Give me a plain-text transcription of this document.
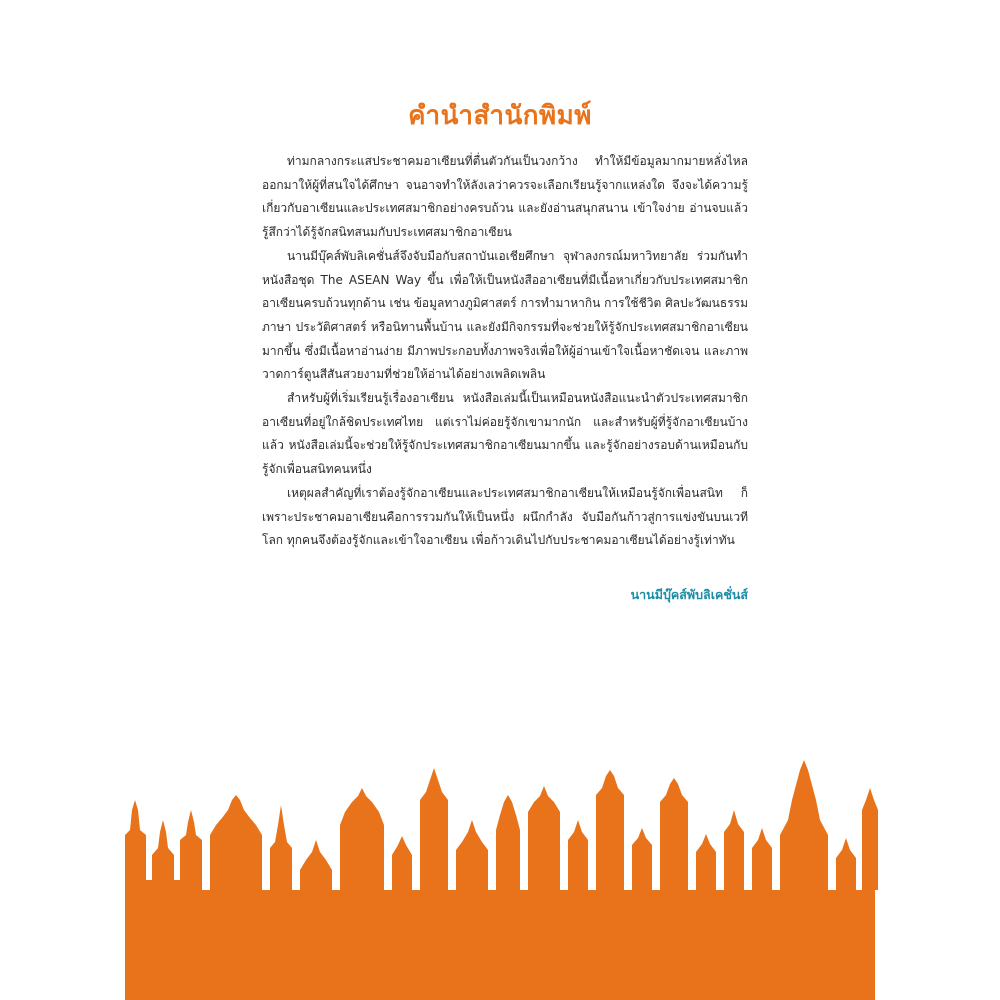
คำนำสำนักพิมพ์

ท่ามกลางกระแสประชาคมอาเซียนที่ตื่นตัวกันเป็นวงกว้าง ทำให้มีข้อมูลมากมายหลั่งไหลออกมาให้ผู้ที่สนใจได้ศึกษา จนอาจทำให้ลังเลว่าควรจะเลือกเรียนรู้จากแหล่งใด จึงจะได้ความรู้เกี่ยวกับอาเซียนและประเทศสมาชิกอย่างครบถ้วน และยังอ่านสนุกสนาน เข้าใจง่าย อ่านจบแล้วรู้สึกว่าได้รู้จักสนิทสนมกับประเทศสมาชิกอาเซียน

นานมีบุ๊คส์พับลิเคชั่นส์จึงจับมือกับสถาบันเอเชียศึกษา จุฬาลงกรณ์มหาวิทยาลัย ร่วมกันทำหนังสือชุด The ASEAN Way ขึ้น เพื่อให้เป็นหนังสืออาเซียนที่มีเนื้อหาเกี่ยวกับประเทศสมาชิกอาเซียนครบถ้วนทุกด้าน เช่น ข้อมูลทางภูมิศาสตร์ การทำมาหากิน การใช้ชีวิต ศิลปะวัฒนธรรม ภาษา ประวัติศาสตร์ หรือนิทานพื้นบ้าน และยังมีกิจกรรมที่จะช่วยให้รู้จักประเทศสมาชิกอาเซียนมากขึ้น ซึ่งมีเนื้อหาอ่านง่าย มีภาพประกอบทั้งภาพจริงเพื่อให้ผู้อ่านเข้าใจเนื้อหาชัดเจน และภาพวาดการ์ตูนสีสันสวยงามที่ช่วยให้อ่านได้อย่างเพลิดเพลิน

สำหรับผู้ที่เริ่มเรียนรู้เรื่องอาเซียน หนังสือเล่มนี้เป็นเหมือนหนังสือแนะนำตัวประเทศสมาชิกอาเซียนที่อยู่ใกล้ชิดประเทศไทย แต่เราไม่ค่อยรู้จักเขามากนัก และสำหรับผู้ที่รู้จักอาเซียนบ้างแล้ว หนังสือเล่มนี้จะช่วยให้รู้จักประเทศสมาชิกอาเซียนมากขึ้น และรู้จักอย่างรอบด้านเหมือนกับรู้จักเพื่อนสนิทคนหนึ่ง

เหตุผลสำคัญที่เราต้องรู้จักอาเซียนและประเทศสมาชิกอาเซียนให้เหมือนรู้จักเพื่อนสนิท ก็เพราะประชาคมอาเซียนคือการรวมกันให้เป็นหนึ่ง ผนึกกำลัง จับมือกันก้าวสู่การแข่งขันบนเวทีโลก ทุกคนจึงต้องรู้จักและเข้าใจอาเซียน เพื่อก้าวเดินไปกับประชาคมอาเซียนได้อย่างรู้เท่าทัน

นานมีบุ๊คส์พับลิเคชั่นส์
